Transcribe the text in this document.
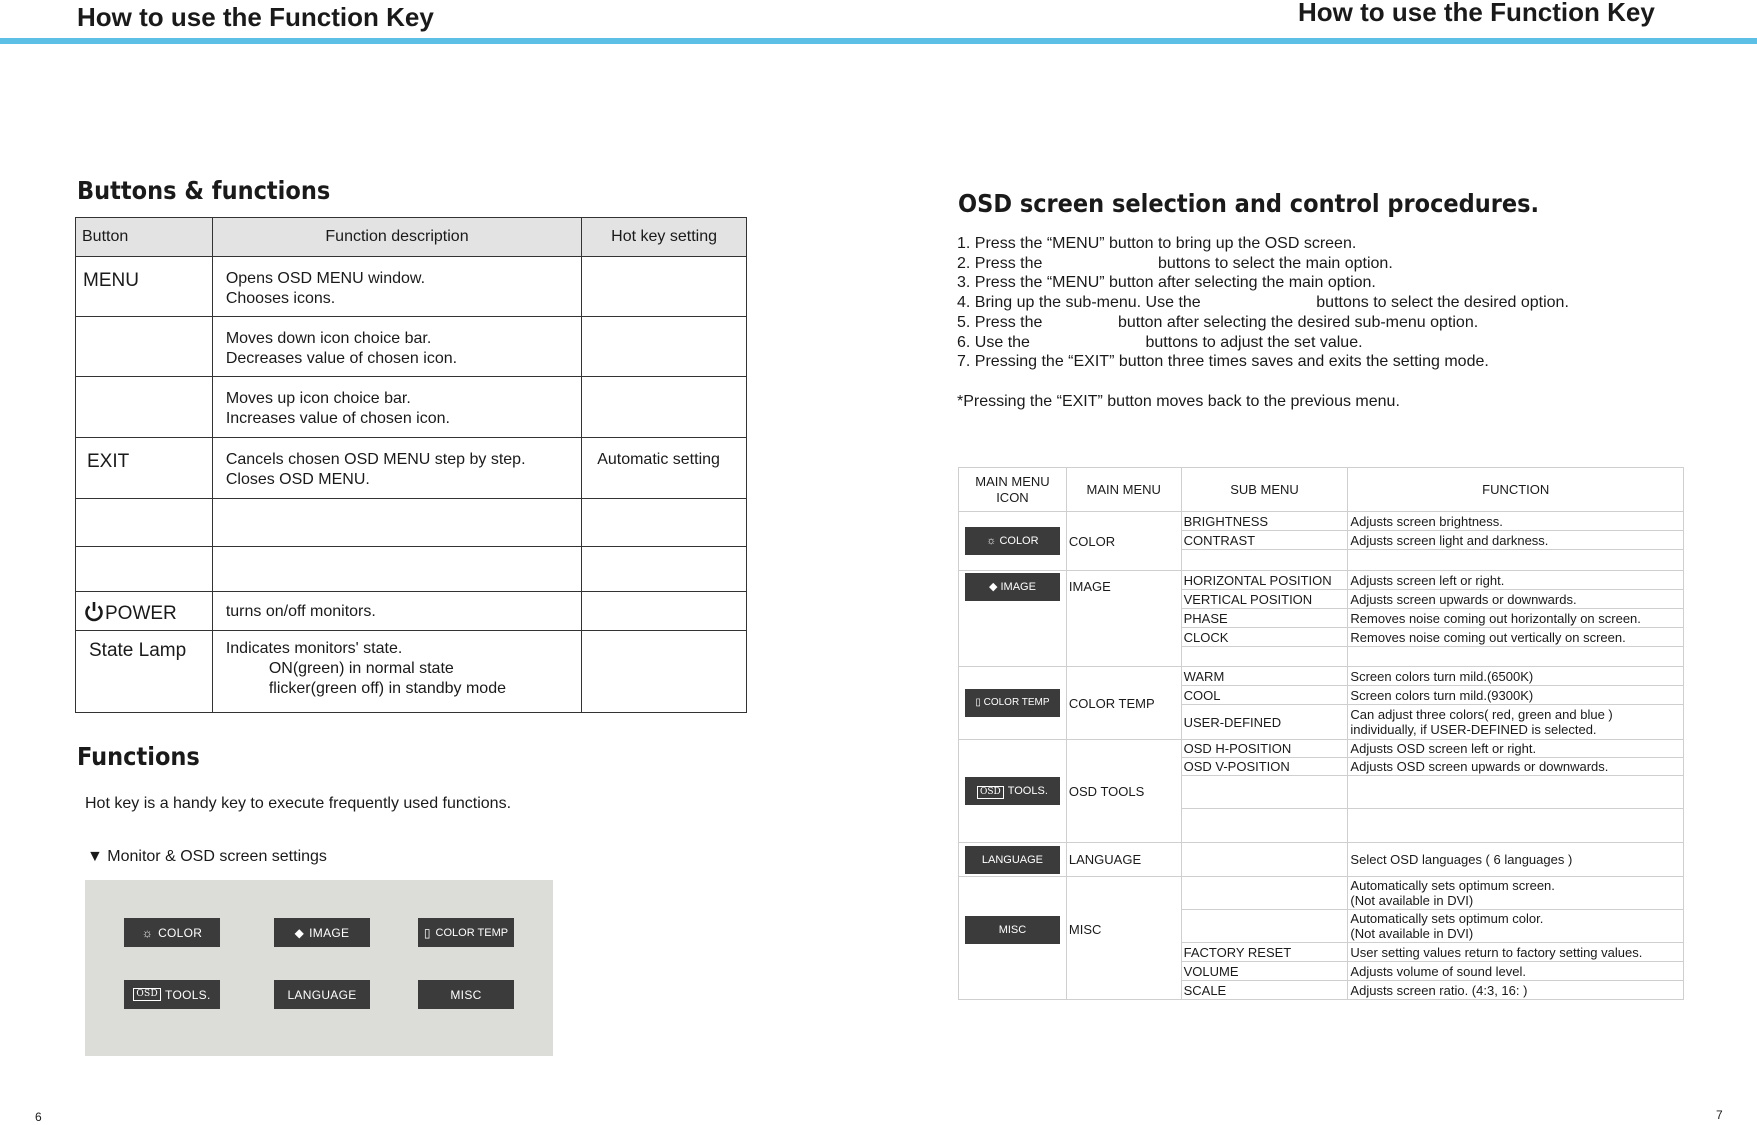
How to use the Function Key	How to use the Function Key
Buttons & functions
Button	Function description	Hot key setting
MENU	Opens OSD MENU window.
Chooses icons.	

	Moves down icon choice bar.
Decreases value of chosen icon.	

	Moves up icon choice bar.
Increases value of chosen icon.	

EXIT	Cancels chosen OSD MENU step by step.
Closes OSD MENU.	Automatic setting

POWER	turns on/off monitors.	

State Lamp	Indicates monitors' state.
ON(green) in normal state
flicker(green off) in standby mode	

Functions
Hot key is a handy key to execute frequently used functions.
▼ Monitor & OSD screen settings
☼ COLOR	◆ IMAGE	▯ COLOR TEMP
OSD TOOLS.	LANGUAGE	MISC
6
OSD screen selection and control procedures.
1. Press the “MENU” button to bring up the OSD screen.
2. Press the                          buttons to select the main option.
3. Press the “MENU” button after selecting the main option.
4. Bring up the sub-menu. Use the                          buttons to select the desired option.
5. Press the                 button after selecting the desired sub-menu option.
6. Use the                          buttons to adjust the set value.
7. Pressing the “EXIT” button three times saves and exits the setting mode.
*Pressing the “EXIT” button moves back to the previous menu.
MAIN MENU ICON	MAIN MENU	SUB MENU	FUNCTION
☼ COLOR	COLOR	BRIGHTNESS	Adjusts screen brightness.
		CONTRAST	Adjusts screen light and darkness.

◆ IMAGE	IMAGE	HORIZONTAL POSITION	Adjusts screen left or right.
		VERTICAL POSITION	Adjusts screen upwards or downwards.
		PHASE	Removes noise coming out horizontally on screen.
		CLOCK	Removes noise coming out vertically on screen.

▯ COLOR TEMP	COLOR TEMP	WARM	Screen colors turn mild.(6500K)
		COOL	Screen colors turn mild.(9300K)
		USER-DEFINED	Can adjust three colors( red, green and blue )
individually, if USER-DEFINED is selected.
OSD TOOLS.	OSD TOOLS	OSD H-POSITION	Adjusts OSD screen left or right.
		OSD V-POSITION	Adjusts OSD screen upwards or downwards.

LANGUAGE	LANGUAGE		Select OSD languages ( 6 languages )
MISC	MISC		Automatically sets optimum screen.
(Not available in DVI)
			Automatically sets optimum color.
(Not available in DVI)
		FACTORY RESET	User setting values return to factory setting values.
		VOLUME	Adjusts volume of sound level.
		SCALE	Adjusts screen ratio. (4:3, 16: )
7
